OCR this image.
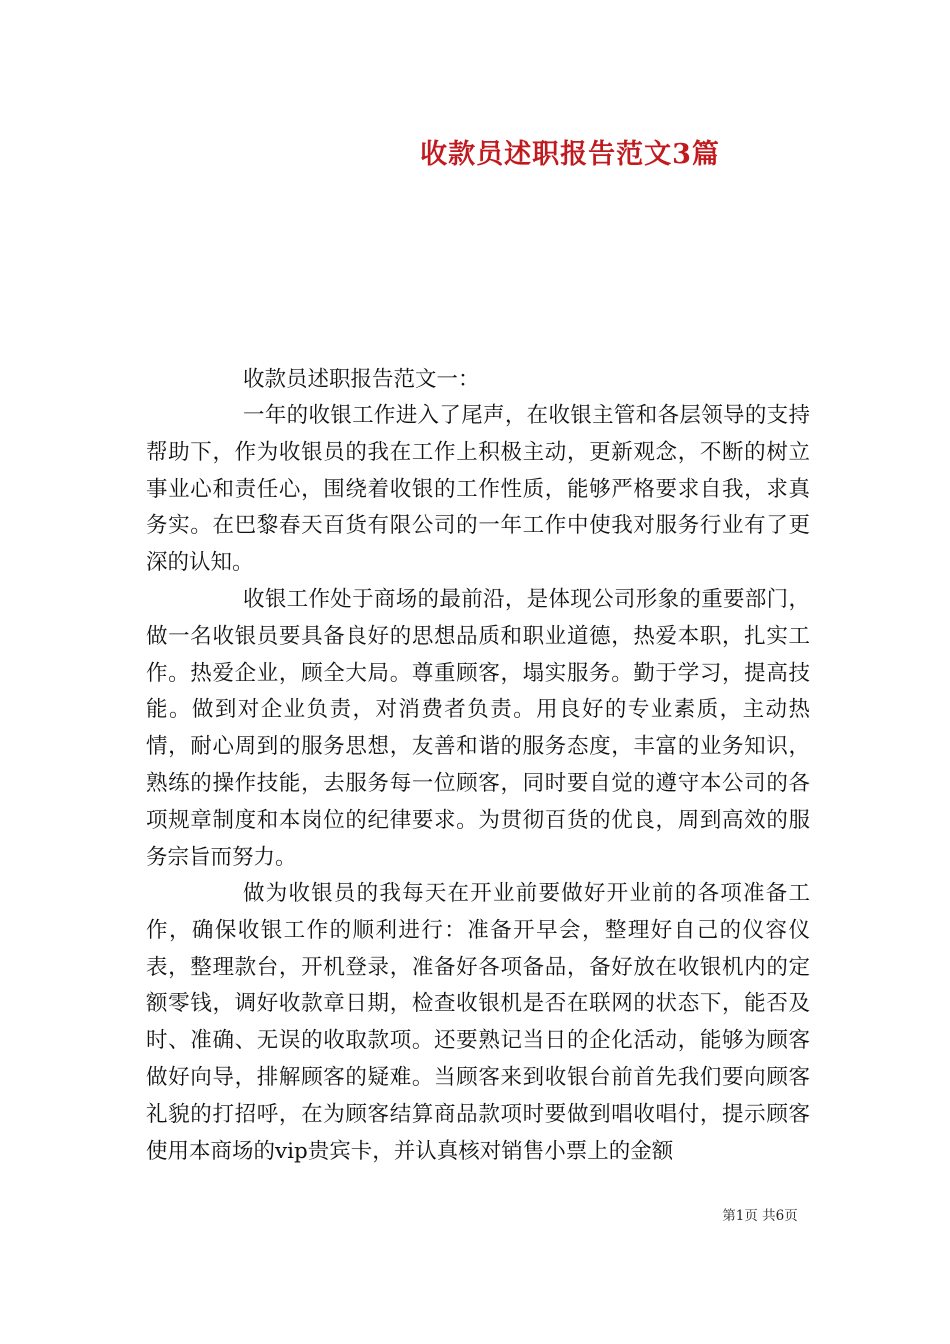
收款员述职报告范文3篇
收款员述职报告范文一：

一年的收银工作进入了尾声，在收银主管和各层领导的支持帮助下，作为收银员的我在工作上积极主动，更新观念，不断的树立事业心和责任心，围绕着收银的工作性质，能够严格要求自我，求真务实。在巴黎春天百货有限公司的一年工作中使我对服务行业有了更深的认知。

收银工作处于商场的最前沿，是体现公司形象的重要部门，做一名收银员要具备良好的思想品质和职业道德，热爱本职，扎实工作。热爱企业，顾全大局。尊重顾客，塌实服务。勤于学习，提高技能。做到对企业负责，对消费者负责。用良好的专业素质，主动热情，耐心周到的服务思想，友善和谐的服务态度，丰富的业务知识，熟练的操作技能，去服务每一位顾客，同时要自觉的遵守本公司的各项规章制度和本岗位的纪律要求。为贯彻百货的优良，周到高效的服务宗旨而努力。

做为收银员的我每天在开业前要做好开业前的各项准备工作，确保收银工作的顺利进行：准备开早会，整理好自己的仪容仪表，整理款台，开机登录，准备好各项备品，备好放在收银机内的定额零钱，调好收款章日期，检查收银机是否在联网的状态下，能否及时、准确、无误的收取款项。还要熟记当日的企化活动，能够为顾客做好向导，排解顾客的疑难。当顾客来到收银台前首先我们要向顾客礼貌的打招呼，在为顾客结算商品款项时要做到唱收唱付，提示顾客使用本商场的vip贵宾卡，并认真核对销售小票上的金额

第1页 共6页
